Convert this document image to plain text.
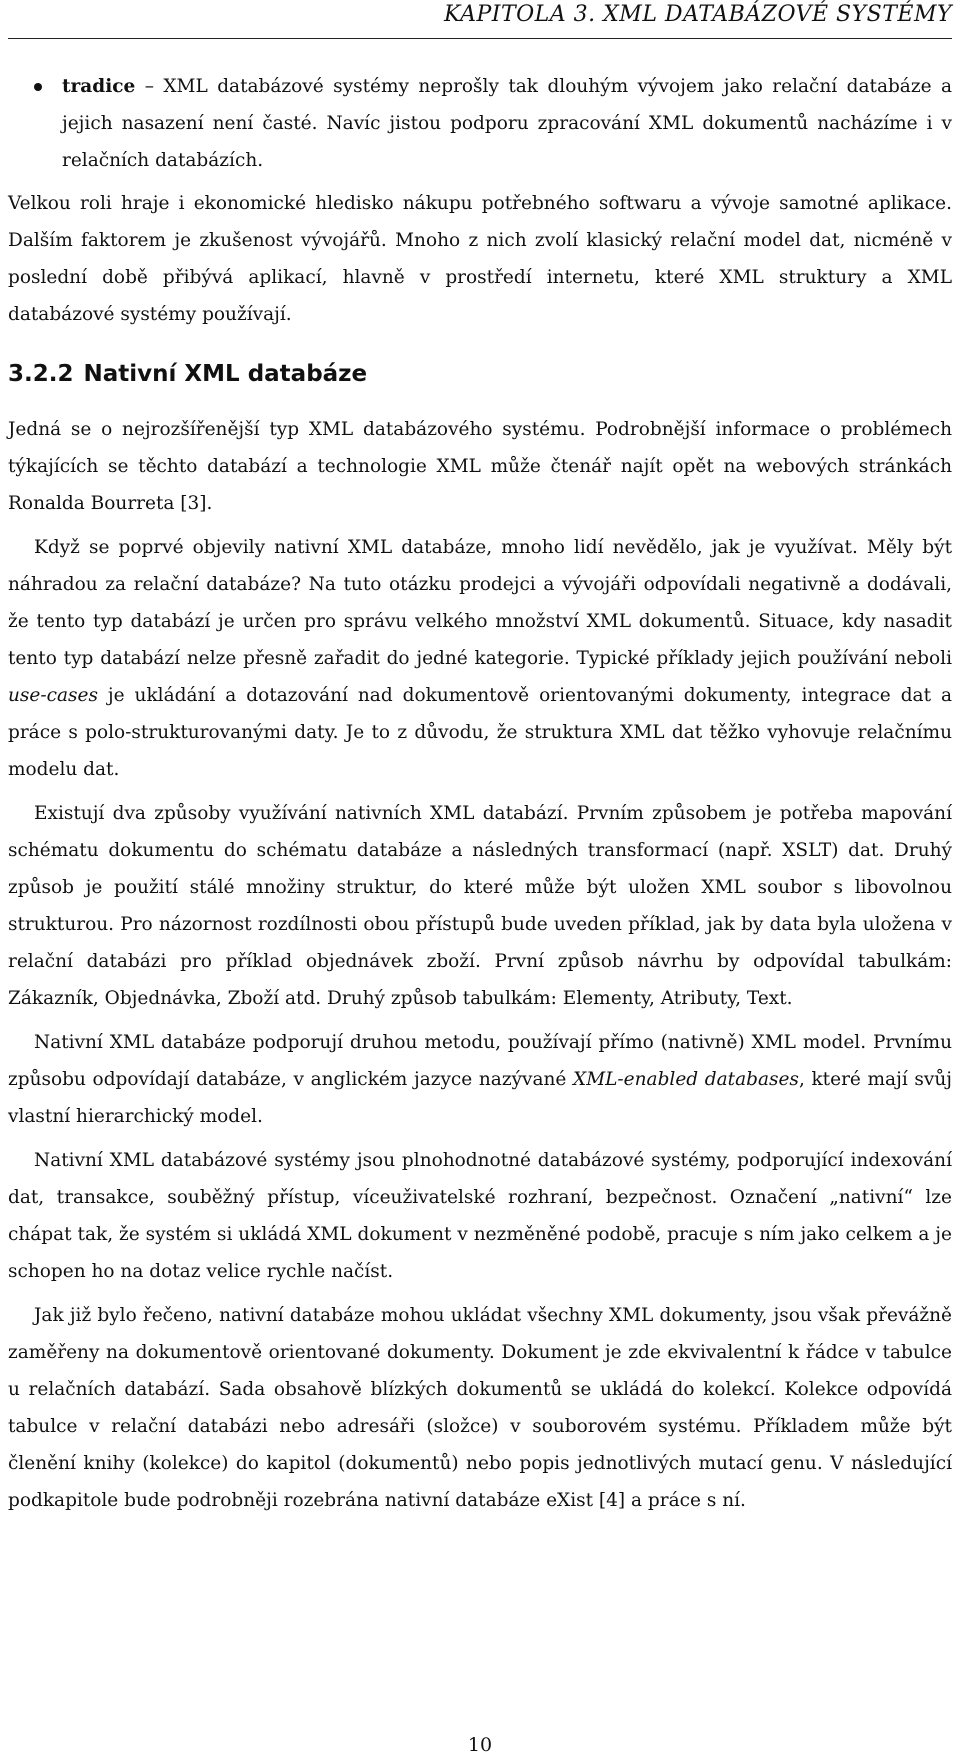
KAPITOLA 3. XML DATABÁZOVÉ SYSTÉMY
tradice – XML databázové systémy neprošly tak dlouhým vývojem jako relační databáze a jejich nasazení není časté. Navíc jistou podporu zpracování XML dokumentů nacházíme i v relačních databázích.

Velkou roli hraje i ekonomické hledisko nákupu potřebného softwaru a vývoje samotné aplikace. Dalším faktorem je zkušenost vývojářů. Mnoho z nich zvolí klasický relační model dat, nicméně v poslední době přibývá aplikací, hlavně v prostředí internetu, které XML struktury a XML databázové systémy používají.

3.2.2 Nativní XML databáze

Jedná se o nejrozšířenější typ XML databázového systému. Podrobnější informace o problémech týkajících se těchto databází a technologie XML může čtenář najít opět na webových stránkách Ronalda Bourreta [3].

Když se poprvé objevily nativní XML databáze, mnoho lidí nevědělo, jak je využívat. Měly být náhradou za relační databáze? Na tuto otázku prodejci a vývojáři odpovídali negativně a dodávali, že tento typ databází je určen pro správu velkého množství XML dokumentů. Situace, kdy nasadit tento typ databází nelze přesně zařadit do jedné kategorie. Typické příklady jejich používání neboli use-cases je ukládání a dotazování nad dokumentově orientovanými dokumenty, integrace dat a práce s polo-strukturovanými daty. Je to z důvodu, že struktura XML dat těžko vyhovuje relačnímu modelu dat.

Existují dva způsoby využívání nativních XML databází. Prvním způsobem je potřeba mapování schématu dokumentu do schématu databáze a následných transformací (např. XSLT) dat. Druhý způsob je použití stálé množiny struktur, do které může být uložen XML soubor s libovolnou strukturou. Pro názornost rozdílnosti obou přístupů bude uveden příklad, jak by data byla uložena v relační databázi pro příklad objednávek zboží. První způsob návrhu by odpovídal tabulkám: Zákazník, Objednávka, Zboží atd. Druhý způsob tabulkám: Elementy, Atributy, Text.

Nativní XML databáze podporují druhou metodu, používají přímo (nativně) XML model. Prvnímu způsobu odpovídají databáze, v anglickém jazyce nazývané XML-enabled databases, které mají svůj vlastní hierarchický model.

Nativní XML databázové systémy jsou plnohodnotné databázové systémy, podporující indexování dat, transakce, souběžný přístup, víceuživatelské rozhraní, bezpečnost. Označení „nativní“ lze chápat tak, že systém si ukládá XML dokument v nezměněné podobě, pracuje s ním jako celkem a je schopen ho na dotaz velice rychle načíst.

Jak již bylo řečeno, nativní databáze mohou ukládat všechny XML dokumenty, jsou však převážně zaměřeny na dokumentově orientované dokumenty. Dokument je zde ekvivalentní k řádce v tabulce u relačních databází. Sada obsahově blízkých dokumentů se ukládá do kolekcí. Kolekce odpovídá tabulce v relační databázi nebo adresáři (složce) v souborovém systému. Příkladem může být členění knihy (kolekce) do kapitol (dokumentů) nebo popis jednotlivých mutací genu. V následující podkapitole bude podrobněji rozebrána nativní databáze eXist [4] a práce s ní.

10
